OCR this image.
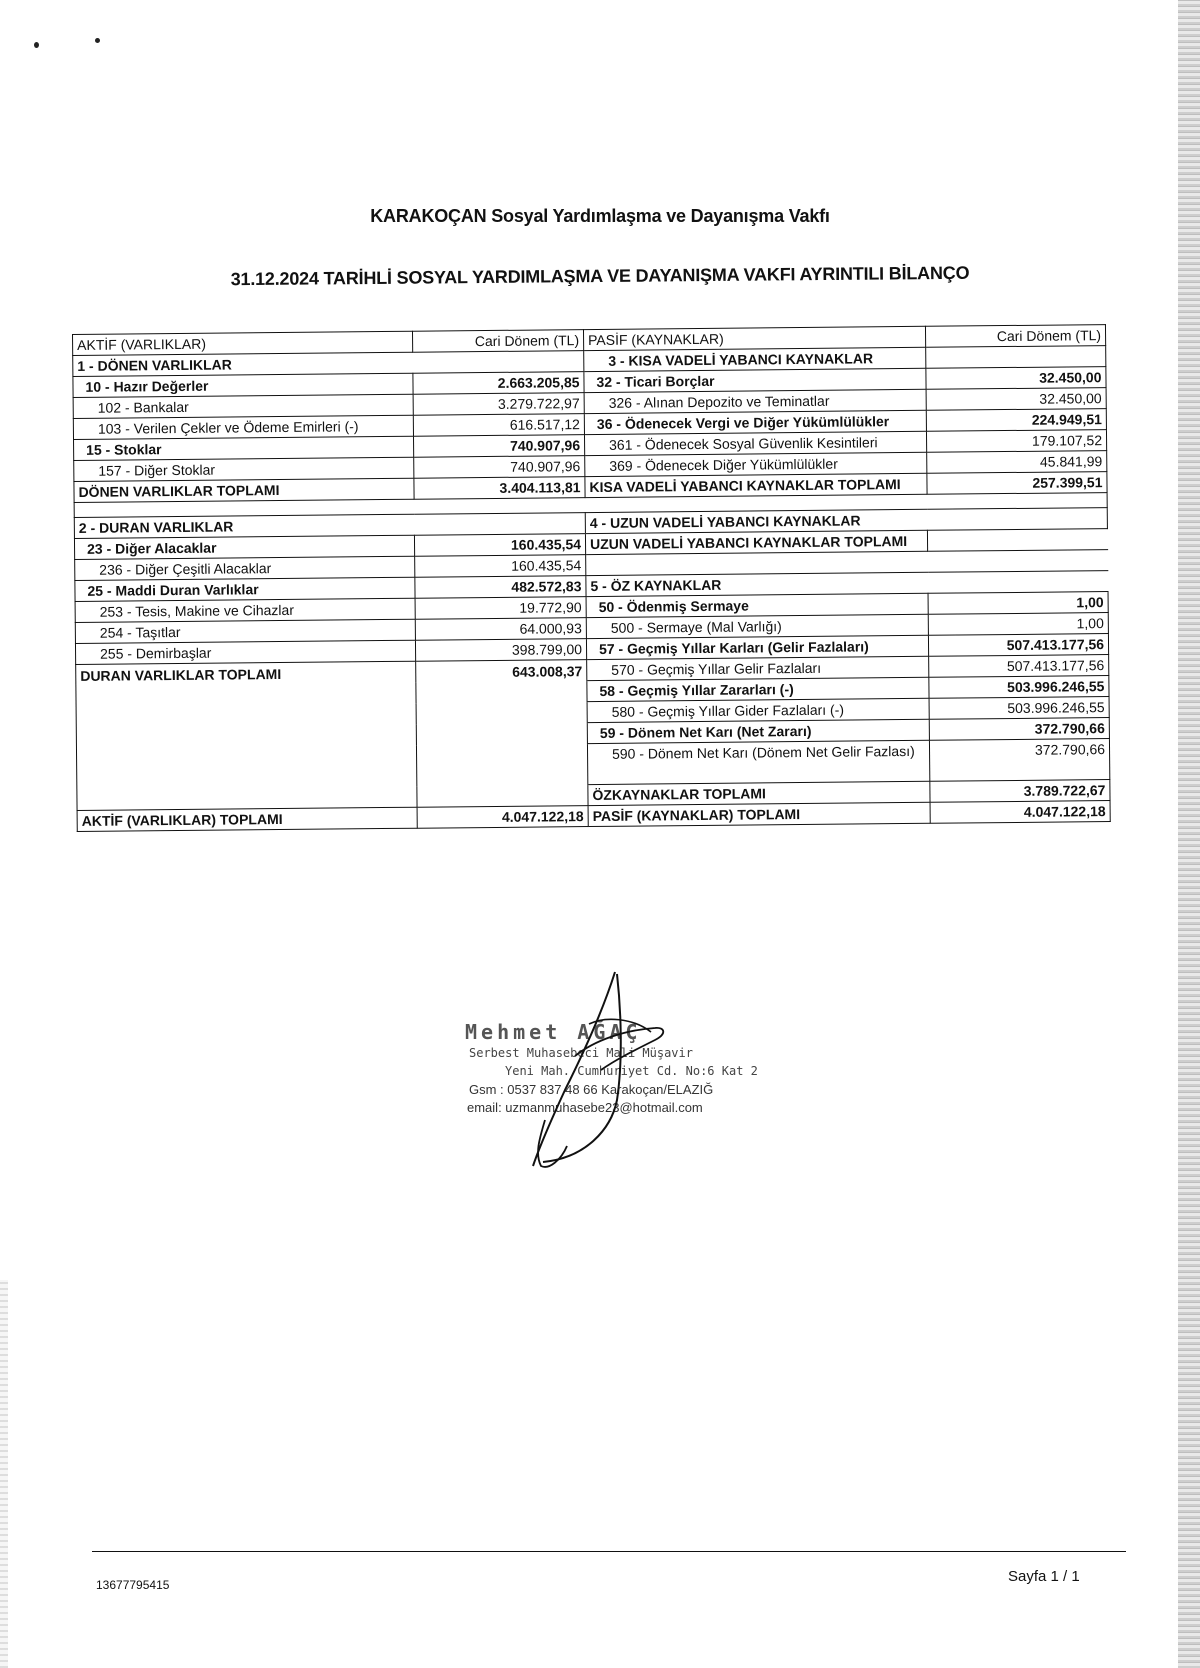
KARAKOÇAN Sosyal Yardımlaşma ve Dayanışma Vakfı
31.12.2024 TARİHLİ SOSYAL YARDIMLAŞMA VE DAYANIŞMA VAKFI AYRINTILI BİLANÇO
AKTİF (VARLIKLAR)	Cari Dönem (TL)	PASİF (KAYNAKLAR)	Cari Dönem (TL)
1 - DÖNEN VARLIKLAR		3 - KISA VADELİ YABANCI KAYNAKLAR	
10 - Hazır Değerler	2.663.205,85	32 - Ticari Borçlar	32.450,00
102 - Bankalar	3.279.722,97	326 - Alınan Depozito ve Teminatlar	32.450,00
103 - Verilen Çekler ve Ödeme Emirleri (-)	616.517,12	36 - Ödenecek Vergi ve Diğer Yükümlülükler	224.949,51
15 - Stoklar	740.907,96	361 - Ödenecek Sosyal Güvenlik Kesintileri	179.107,52
157 - Diğer Stoklar	740.907,96	369 - Ödenecek Diğer Yükümlülükler	45.841,99
DÖNEN VARLIKLAR TOPLAMI	3.404.113,81	KISA VADELİ YABANCI KAYNAKLAR TOPLAMI	257.399,51

2 - DURAN VARLIKLAR		4 - UZUN VADELİ YABANCI KAYNAKLAR	
23 - Diğer Alacaklar	160.435,54	UZUN VADELİ YABANCI KAYNAKLAR TOPLAMI	
236 - Diğer Çeşitli Alacaklar	160.435,54		
25 - Maddi Duran Varlıklar	482.572,83	5 - ÖZ KAYNAKLAR	
253 - Tesis, Makine ve Cihazlar	19.772,90	50 - Ödenmiş Sermaye	1,00
254 - Taşıtlar	64.000,93	500 - Sermaye (Mal Varlığı)	1,00
255 - Demirbaşlar	398.799,00	57 - Geçmiş Yıllar Karları (Gelir Fazlaları)	507.413.177,56
DURAN VARLIKLAR TOPLAMI	643.008,37	570 - Geçmiş Yıllar Gelir Fazlaları	507.413.177,56
		58 - Geçmiş Yıllar Zararları (-)	503.996.246,55
		580 - Geçmiş Yıllar Gider Fazlaları (-)	503.996.246,55
		59 - Dönem Net Karı (Net Zararı)	372.790,66
		590 - Dönem Net Karı (Dönem Net Gelir Fazlası)	372.790,66
		ÖZKAYNAKLAR TOPLAMI	3.789.722,67
AKTİF (VARLIKLAR) TOPLAMI	4.047.122,18	PASİF (KAYNAKLAR) TOPLAMI	4.047.122,18
Mehmet AĞAÇ
Serbest Muhasebeci Mali Müşavir
Yeni Mah. Cumhuriyet Cd. No:6 Kat 2
Gsm : 0537 837 48 66 Karakoçan/ELAZIĞ
email: uzmanmuhasebe23@hotmail.com
13677795415	Sayfa 1 / 1
